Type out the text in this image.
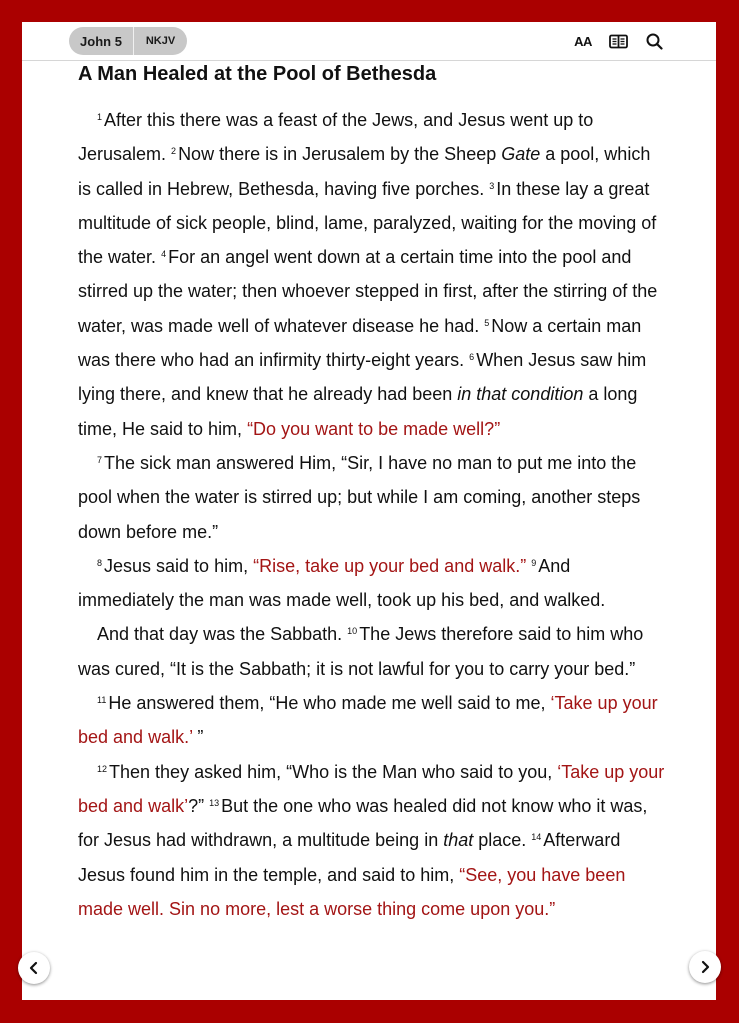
John 5	NKJV	AA
A Man Healed at the Pool of Bethesda

$^1$ After this there was a feast of the Jews, and Jesus went up to Jerusalem. $^2$ Now there is in Jerusalem by the Sheep Gate a pool, which is called in Hebrew, Bethesda, having five porches. $^3$ In these lay a great multitude of sick people, blind, lame, paralyzed, waiting for the moving of the water. $^4$ For an angel went down at a certain time into the pool and stirred up the water; then whoever stepped in first, after the stirring of the water, was made well of whatever disease he had. $^5$ Now a certain man was there who had an infirmity thirty-eight years. $^6$ When Jesus saw him lying there, and knew that he already had been in that condition a long time, He said to him, “Do you want to be made well?”

$^7$ The sick man answered Him, “Sir, I have no man to put me into the pool when the water is stirred up; but while I am coming, another steps down before me.”

$^8$ Jesus said to him, “Rise, take up your bed and walk.” $^9$ And immediately the man was made well, took up his bed, and walked.

And that day was the Sabbath. $^{10}$ The Jews therefore said to him who was cured, “It is the Sabbath; it is not lawful for you to carry your bed.”

$^{11}$ He answered them, “He who made me well said to me, ‘Take up your bed and walk.’ ”

$^{12}$ Then they asked him, “Who is the Man who said to you, ‘Take up your bed and walk’?” $^{13}$ But the one who was healed did not know who it was, for Jesus had withdrawn, a multitude being in that place. $^{14}$ Afterward Jesus found him in the temple, and said to him, “See, you have been made well. Sin no more, lest a worse thing come upon you.”
